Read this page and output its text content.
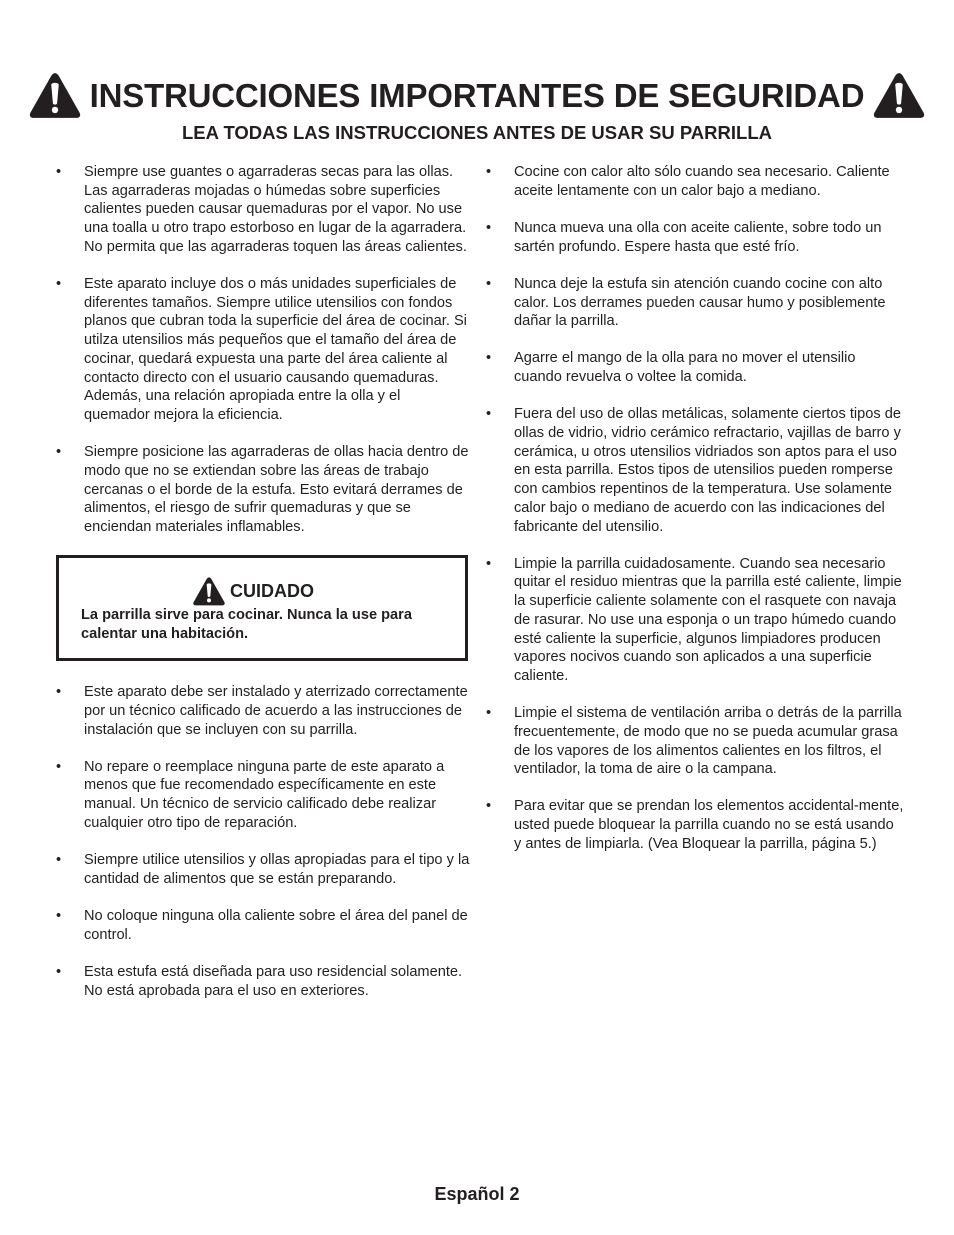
INSTRUCCIONES IMPORTANTES DE SEGURIDAD
LEA TODAS LAS INSTRUCCIONES ANTES DE USAR SU PARRILLA
• Siempre use guantes o agarraderas secas para las ollas. Las agarraderas mojadas o húmedas sobre superficies calientes pueden causar quemaduras por el vapor. No use una toalla u otro trapo estorboso en lugar de la agarradera. No permita que las agarraderas toquen las áreas calientes.
• Este aparato incluye dos o más unidades superficiales de diferentes tamaños. Siempre utilice utensilios con fondos planos que cubran toda la superficie del área de cocinar. Si utilza utensilios más pequeños que el tamaño del área de cocinar, quedará expuesta una parte del área caliente al contacto directo con el usuario causando quemaduras. Además, una relación apropiada entre la olla y el quemador mejora la eficiencia.
• Siempre posicione las agarraderas de ollas hacia dentro de modo que no se extiendan sobre las áreas de trabajo cercanas o el borde de la estufa. Esto evitará derrames de alimentos, el riesgo de sufrir quemaduras y que se enciendan materiales inflamables.
CUIDADO
La parrilla sirve para cocinar. Nunca la use para calentar una habitación.
• Este aparato debe ser instalado y aterrizado correctamente por un técnico calificado de acuerdo a las instrucciones de instalación que se incluyen con su parrilla.
• No repare o reemplace ninguna parte de este aparato a menos que fue recomendado específicamente en este manual. Un técnico de servicio calificado debe realizar cualquier otro tipo de reparación.
• Siempre utilice utensilios y ollas apropiadas para el tipo y la cantidad de alimentos que se están preparando.
• No coloque ninguna olla caliente sobre el área del panel de control.
• Esta estufa está diseñada para uso residencial solamente. No está aprobada para el uso en exteriores.
• Cocine con calor alto sólo cuando sea necesario. Caliente aceite lentamente con un calor bajo a mediano.
• Nunca mueva una olla con aceite caliente, sobre todo un sartén profundo. Espere hasta que esté frío.
• Nunca deje la estufa sin atención cuando cocine con alto calor. Los derrames pueden causar humo y posiblemente dañar la parrilla.
• Agarre el mango de la olla para no mover el utensilio cuando revuelva o voltee la comida.
• Fuera del uso de ollas metálicas, solamente ciertos tipos de ollas de vidrio, vidrio cerámico refractario, vajillas de barro y cerámica, u otros utensilios vidriados son aptos para el uso en esta parrilla. Estos tipos de utensilios pueden romperse con cambios repentinos de la temperatura. Use solamente calor bajo o mediano de acuerdo con las indicaciones del fabricante del utensilio.
• Limpie la parrilla cuidadosamente. Cuando sea necesario quitar el residuo mientras que la parrilla esté caliente, limpie la superficie caliente solamente con el rasquete con navaja de rasurar. No use una esponja o un trapo húmedo cuando esté caliente la superficie, algunos limpiadores producen vapores nocivos cuando son aplicados a una superficie caliente.
• Limpie el sistema de ventilación arriba o detrás de la parrilla frecuentemente, de modo que no se pueda acumular grasa de los vapores de los alimentos calientes en los filtros, el ventilador, la toma de aire o la campana.
• Para evitar que se prendan los elementos accidental-mente, usted puede bloquear la parrilla cuando no se está usando y antes de limpiarla. (Vea Bloquear la parrilla, página 5.)
Español 2
